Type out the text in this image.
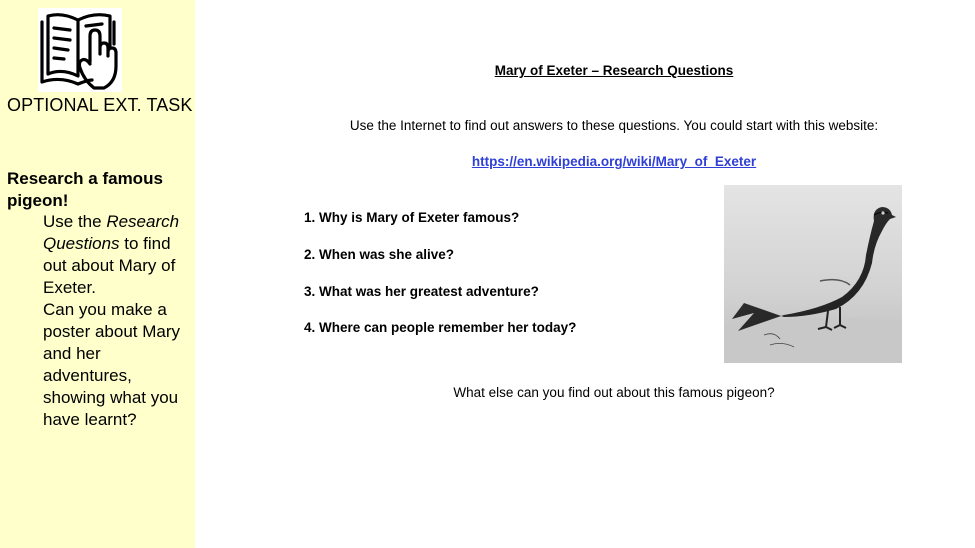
OPTIONAL EXT. TASK
Research a famous pigeon!

Use the Research Questions to find out about Mary of Exeter.

Can you make a poster about Mary and her adventures, showing what you have learnt?

Mary of Exeter – Research Questions
Use the Internet to find out answers to these questions. You could start with this website:
https://en.wikipedia.org/wiki/Mary_of_Exeter
1. Why is Mary of Exeter famous?
2. When was she alive?
3. What was her greatest adventure?
4. Where can people remember her today?
What else can you find out about this famous pigeon?
